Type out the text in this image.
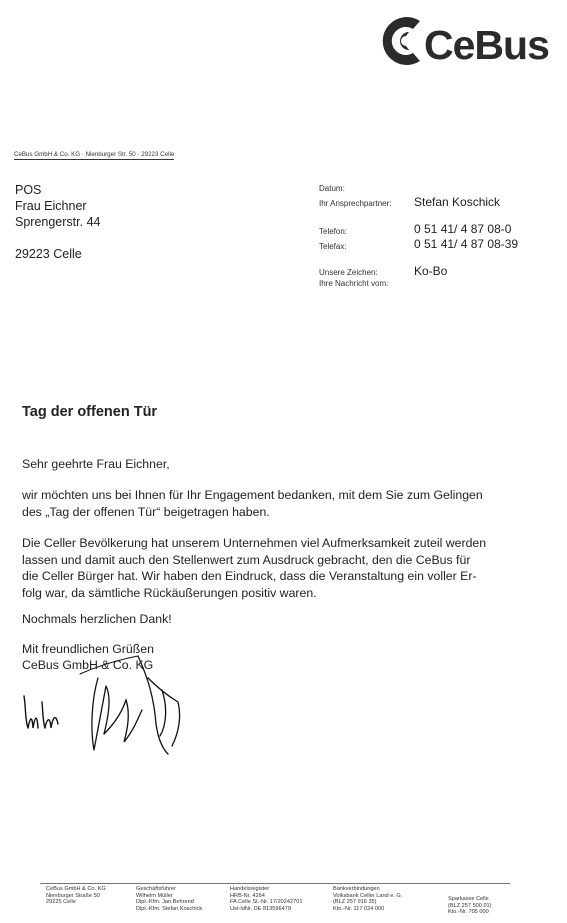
CeBus
CeBus GmbH & Co. KG · Nienburger Str. 50 · 29223 Celle
POS
Frau Eichner
Sprengerstr. 44
29223 Celle
Datum:
Ihr Ansprechpartner: Stefan Koschick
Telefon:	0 51 41/ 4 87 08-0
Telefax:	0 51 41/ 4 87 08-39
Unsere Zeichen:	Ko-Bo
Ihre Nachricht vom:
Tag der offenen Tür
Sehr geehrte Frau Eichner,
wir möchten uns bei Ihnen für Ihr Engagement bedanken, mit dem Sie zum Gelingen
des „Tag der offenen Tür“ beigetragen haben.
Die Celler Bevölkerung hat unserem Unternehmen viel Aufmerksamkeit zuteil werden
lassen und damit auch den Stellenwert zum Ausdruck gebracht, den die CeBus für
die Celler Bürger hat. Wir haben den Eindruck, dass die Veranstaltung ein voller Er-
folg war, da sämtliche Rückäußerungen positiv waren.
Nochmals herzlichen Dank!
Mit freundlichen Grüßen
CeBus GmbH & Co. KG
CeBus GmbH & Co. KG
Nienburger Straße 50
29225 Celle
Geschäftsführer
Wilhelm Müller
Dipl.-Kfm. Jan Behrend
Dipl.-Kfm. Stefan Koschick
Handelsregister
HRB-Nr. 4264
FA Celle St.-Nr. 17/20242701
Ust-IdNr. DE 813596479
Bankverbindungen
Volksbank Celler Land e. G.
(BLZ 257 916 35)
Kto.-Nr. 117 024 000
Sparkasse Celle
(BLZ 257 500 01)
Kto.-Nr. 705 000
